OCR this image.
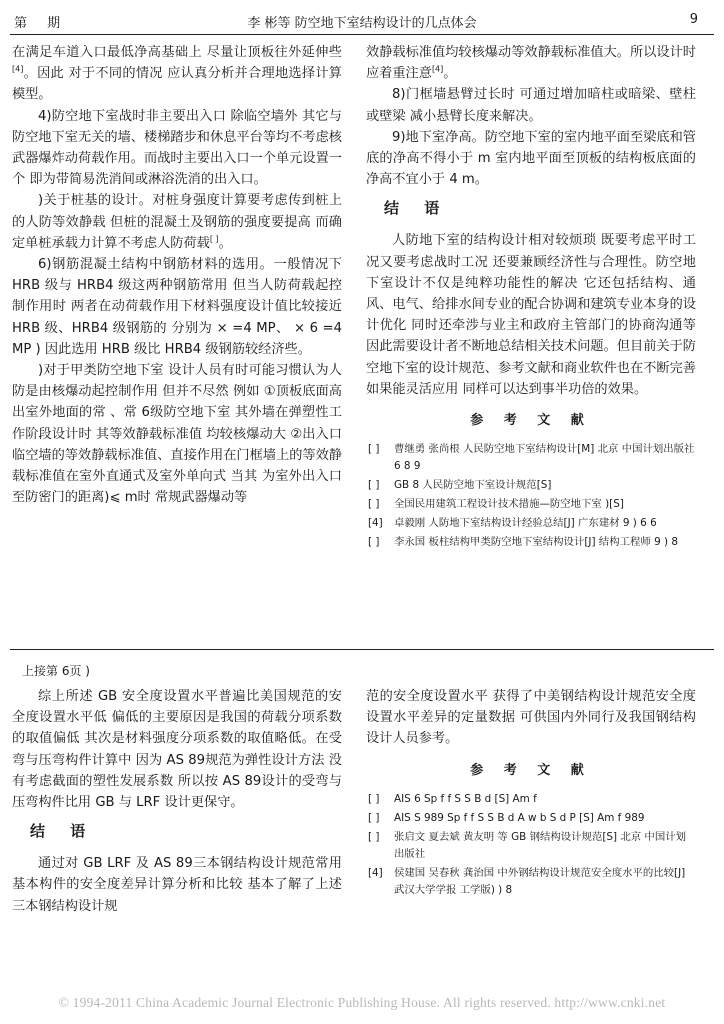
第 期	李 彬等 防空地下室结构设计的几点体会	9

在满足车道入口最低净高基础上 尽量让顶板往外延伸些[4]。因此 对于不同的情况 应认真分析并合理地选择计算模型。

4)防空地下室战时非主要出入口 除临空墙外 其它与防空地下室无关的墙、楼梯踏步和休息平台等均不考虑核武器爆炸动荷载作用。而战时主要出入口一个单元设置一个 即为带简易洗消间或淋浴洗消的出入口。

)关于桩基的设计。对桩身强度计算要考虑传到桩上的人防等效静载 但桩的混凝土及钢筋的强度要提高 而确定单桩承载力计算不考虑人防荷载[ ]。

6)钢筋混凝土结构中钢筋材料的选用。一般情况下 HRB 级与 HRB4 级这两种钢筋常用 但当人防荷载起控制作用时 两者在动荷载作用下材料强度设计值比较接近 HRB 级、HRB4 级钢筋的 分别为 × =4 MP、 × 6 =4 MP ) 因此选用 HRB 级比 HRB4 级钢筋较经济些。

)对于甲类防空地下室 设计人员有时可能习惯认为人防是由核爆动起控制作用 但并不尽然 例如 ①顶板底面高出室外地面的常 、常 6级防空地下室 其外墙在弹塑性工作阶段设计时 其等效静载标准值 均较核爆动大 ②出入口临空墙的等效静载标准值、直接作用在门框墙上的等效静载标准值在室外直通式及室外单向式 当其 为室外出入口至防密门的距离)⩽ m时 常规武器爆动等

效静载标准值均较核爆动等效静载标准值大。所以设计时应着重注意[4]。

8)门框墙悬臂过长时 可通过增加暗柱或暗梁、壁柱或壁梁 减小悬臂长度来解决。

9)地下室净高。防空地下室的室内地平面至梁底和管底的净高不得小于 m 室内地平面至顶板的结构板底面的净高不宜小于 4 m。

结 语

人防地下室的结构设计相对较烦琐 既要考虑平时工况又要考虑战时工况 还要兼顾经济性与合理性。防空地下室设计不仅是纯粹功能性的解决 它还包括结构、通风、电气、给排水间专业的配合协调和建筑专业本身的设计优化 同时还牵涉与业主和政府主管部门的协商沟通等 因此需要设计者不断地总结相关技术问题。但目前关于防空地下室的设计规范、参考文献和商业软件也在不断完善 如果能灵活应用 同样可以达到事半功倍的效果。

参 考 文 献
[ ] 曹继勇 张尚根 人民防空地下室结构设计[M] 北京 中国计划出版社 6 8 9
[ ] GB 8 人民防空地下室设计规范[S]
[ ] 全国民用建筑工程设计技术措施—防空地下室 )[S]
[4] 卓毅刚 人防地下室结构设计经验总结[J] 广东建材 9 ) 6 6
[ ] 李永国 板柱结构甲类防空地下室结构设计[J] 结构工程师 9 ) 8
上接第 6页 )

综上所述 GB 安全度设置水平普遍比美国规范的安全度设置水平低 偏低的主要原因是我国的荷载分项系数的取值偏低 其次是材料强度分项系数的取值略低。在受弯与压弯构件计算中 因为 AS 89规范为弹性设计方法 没有考虑截面的塑性发展系数 所以按 AS 89设计的受弯与压弯构件比用 GB 与 LRF 设计更保守。

结 语

通过对 GB LRF 及 AS 89三本钢结构设计规范常用基本构件的安全度差异计算分析和比较 基本了解了上述三本钢结构设计规

范的安全度设置水平 获得了中美钢结构设计规范安全度设置水平差异的定量数据 可供国内外同行及我国钢结构设计人员参考。

参 考 文 献
[ ] AIS 6 Sp f f S S B d [S] Am f
[ ] AIS S 989 Sp f f S S B d A w b S d P [S] Am f 989
[ ] 张启文 夏去斌 黄友明 等 GB 钢结构设计规范[S] 北京 中国计划出版社
[4] 侯建国 吴春秋 龚治国 中外钢结构设计规范安全度水平的比较[J] 武汉大学学报 工学版) ) 8
© 1994-2011 China Academic Journal Electronic Publishing House. All rights reserved. http://www.cnki.net
